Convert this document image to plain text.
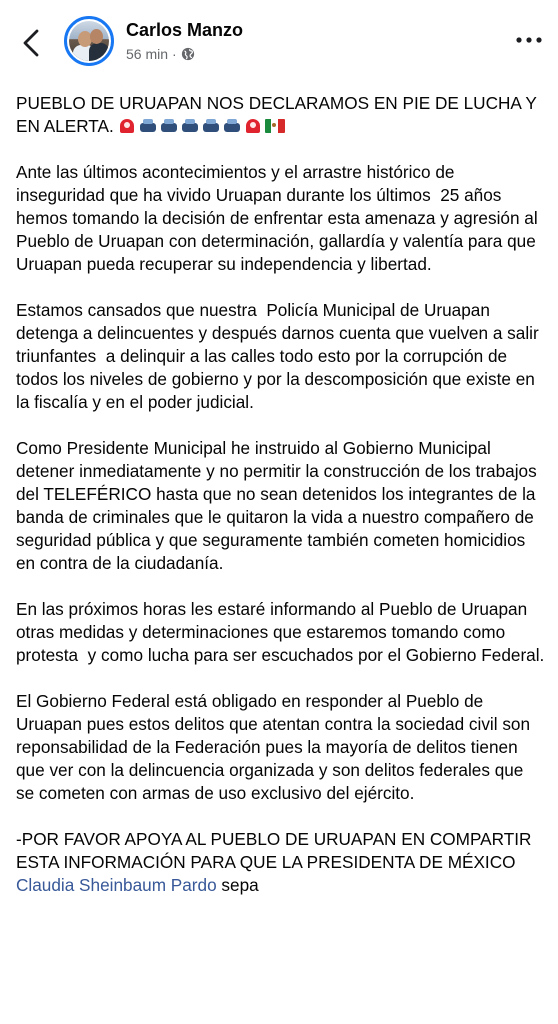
Carlos Manzo
56 min ·

PUEBLO DE URUAPAN NOS DECLARAMOS EN PIE DE LUCHA Y EN ALERTA.

Ante las últimos acontecimientos y el arrastre histórico de inseguridad que ha vivido Uruapan durante los últimos  25 años hemos tomando la decisión de enfrentar esta amenaza y agresión al Pueblo de Uruapan con determinación, gallardía y valentía para que Uruapan pueda recuperar su independencia y libertad.

Estamos cansados que nuestra  Policía Municipal de Uruapan detenga a delincuentes y después darnos cuenta que vuelven a salir triunfantes  a delinquir a las calles todo esto por la corrupción de todos los niveles de gobierno y por la descomposición que existe en la fiscalía y en el poder judicial.

Como Presidente Municipal he instruido al Gobierno Municipal detener inmediatamente y no permitir la construcción de los trabajos del TELEFÉRICO hasta que no sean detenidos los integrantes de la banda de criminales que le quitaron la vida a nuestro compañero de seguridad pública y que seguramente también cometen homicidios en contra de la ciudadanía.

En las próximos horas les estaré informando al Pueblo de Uruapan otras medidas y determinaciones que estaremos tomando como protesta  y como lucha para ser escuchados por el Gobierno Federal.

El Gobierno Federal está obligado en responder al Pueblo de Uruapan pues estos delitos que atentan contra la sociedad civil son reponsabilidad de la Federación pues la mayoría de delitos tienen que ver con la delincuencia organizada y son delitos federales que se cometen con armas de uso exclusivo del ejército.

-POR FAVOR APOYA AL PUEBLO DE URUAPAN EN COMPARTIR ESTA INFORMACIÓN PARA QUE LA PRESIDENTA DE MÉXICO Claudia Sheinbaum Pardo sepa
